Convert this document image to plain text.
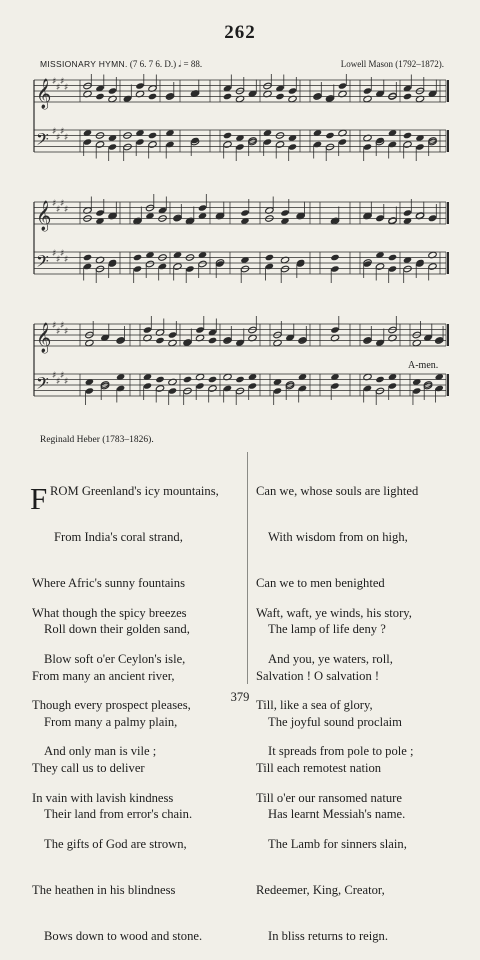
262
MISSIONARY HYMN. (7 6. 7 6. D.) 𝅗𝅥 = 88.	Lowell Mason (1792–1872).
𝄞 ♯
♯
♯
♯
𝄢 ♯
♯
♯
♯
𝄞 ♯
♯
♯
♯
𝄢 ♯
♯
♯
♯
𝄞 ♯
♯
♯
♯
𝄢 ♯
♯
♯
♯
A-men.
Reginald Heber (1783–1826).

F ROM Greenland's icy mountains,

From India's coral strand,

Where Afric's sunny fountains

Roll down their golden sand,

From many an ancient river,

From many a palmy plain,

They call us to deliver

Their land from error's chain.

What though the spicy breezes

Blow soft o'er Ceylon's isle,

Though every prospect pleases,

And only man is vile ;

In vain with lavish kindness

The gifts of God are strown,

The heathen in his blindness

Bows down to wood and stone.

Can we, whose souls are lighted

With wisdom from on high,

Can we to men benighted

The lamp of life deny ?

Salvation ! O salvation !

The joyful sound proclaim

Till each remotest nation

Has learnt Messiah's name.

Waft, waft, ye winds, his story,

And you, ye waters, roll,

Till, like a sea of glory,

It spreads from pole to pole ;

Till o'er our ransomed nature

The Lamb for sinners slain,

Redeemer, King, Creator,

In bliss returns to reign.

379
